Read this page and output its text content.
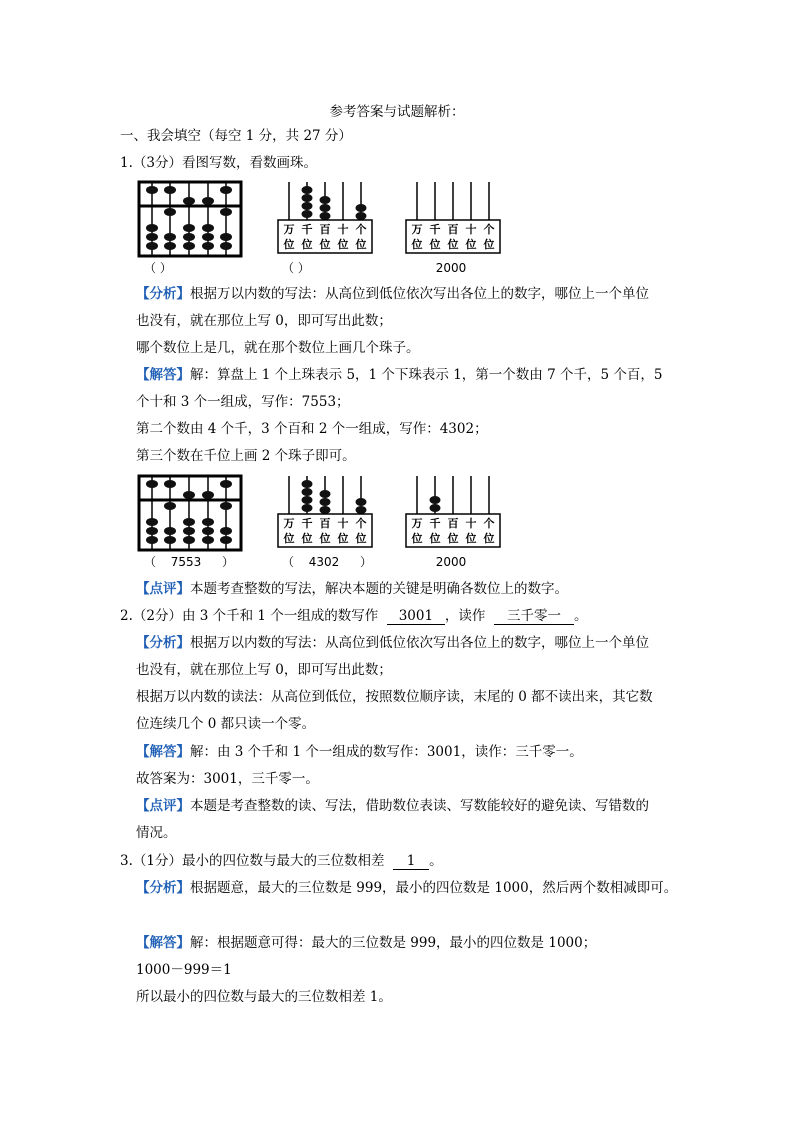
参考答案与试题解析：
一、我会填空（每空 1 分，共 27 分）
1.（3分）看图写数，看数画珠。
（ ）
万 千 百 十 个
位 位 位 位 位
（ ）
万 千 百 十 个
位 位 位 位 位
2000
【分析】根据万以内数的写法：从高位到低位依次写出各位上的数字，哪位上一个单位
也没有，就在那位上写 0，即可写出此数；
哪个数位上是几，就在那个数位上画几个珠子。
【解答】解：算盘上 1 个上珠表示 5，1 个下珠表示 1，第一个数由 7 个千，5 个百，5
个十和 3 个一组成，写作：7553；
第二个数由 4 个千，3 个百和 2 个一组成，写作：4302；
第三个数在千位上画 2 个珠子即可。
（ 7553 ）
万 千 百 十 个
位 位 位 位 位
（ 4302 ）
万 千 百 十 个
位 位 位 位 位
2000
【点评】本题考查整数的写法，解决本题的关键是明确各数位上的数字。
2.（2分）由 3 个千和 1 个一组成的数写作 3001 ，读作 三千零一 。
【分析】根据万以内数的写法：从高位到低位依次写出各位上的数字，哪位上一个单位
也没有，就在那位上写 0，即可写出此数；
根据万以内数的读法：从高位到低位，按照数位顺序读，末尾的 0 都不读出来，其它数
位连续几个 0 都只读一个零。
【解答】解：由 3 个千和 1 个一组成的数写作：3001，读作：三千零一。
故答案为：3001，三千零一。
【点评】本题是考查整数的读、写法，借助数位表读、写数能较好的避免读、写错数的
情况。
3.（1分）最小的四位数与最大的三位数相差 1 。
【分析】根据题意，最大的三位数是 999，最小的四位数是 1000，然后两个数相减即可。
【解答】解：根据题意可得：最大的三位数是 999，最小的四位数是 1000；
1000－999＝1
所以最小的四位数与最大的三位数相差 1。
